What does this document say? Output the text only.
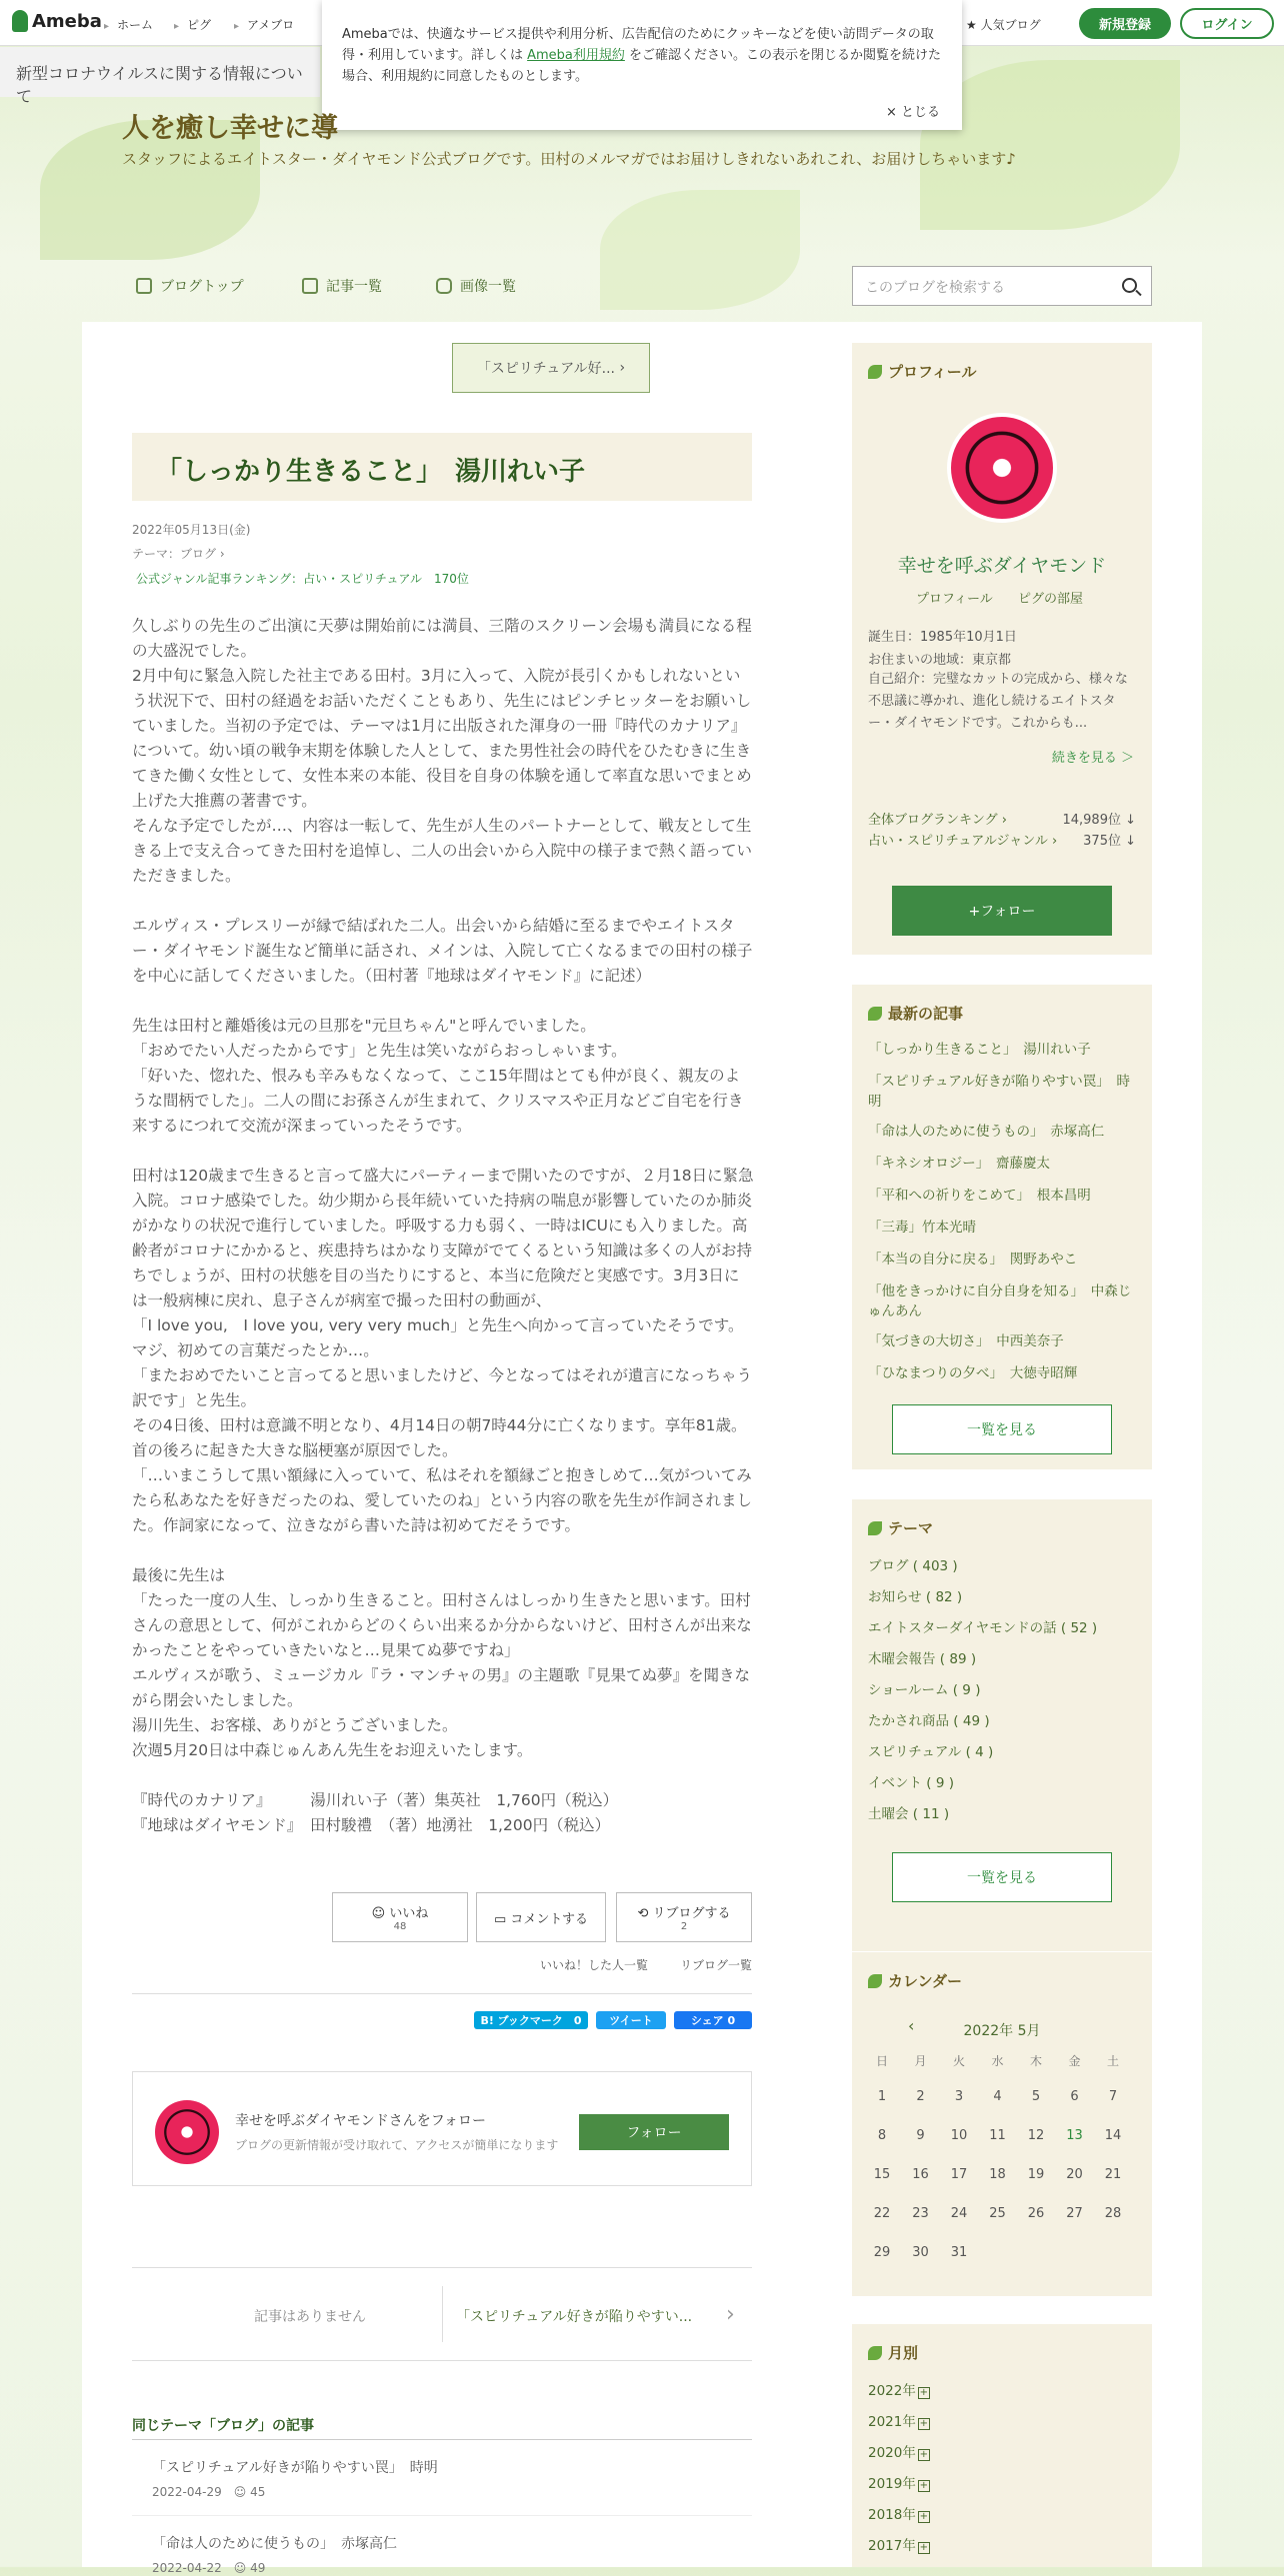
Ameba	▸ ホーム	▸ ピグ	▸ アメブロ	★ 人気ブログ	新規登録	ログイン
新型コロナウイルスに関する情報について
Amebaでは、快適なサービス提供や利用分析、広告配信のためにクッキーなどを使い訪問データの取得・利用しています。詳しくは Ameba利用規約 をご確認ください。この表示を閉じるか閲覧を続けた場合、利用規約に同意したものとします。
× とじる
人を癒し幸せに導
スタッフによるエイトスター・ダイヤモンド公式ブログです。田村のメルマガではお届けしきれないあれこれ、お届けしちゃいます♪
ブログトップ	記事一覧	画像一覧	このブログを検索する
「スピリチュアル好... ›
「しっかり生きること」　湯川れい子
2022年05月13日(金)
テーマ：ブログ ›
公式ジャンル記事ランキング：占い・スピリチュアル　170位

久しぶりの先生のご出演に天夢は開始前には満員、三階のスクリーン会場も満員になる程の大盛況でした。

2月中旬に緊急入院した社主である田村。3月に入って、入院が長引くかもしれないという状況下で、田村の経過をお話いただくこともあり、先生にはピンチヒッターをお願いしていました。当初の予定では、テーマは1月に出版された渾身の一冊『時代のカナリア』について。幼い頃の戦争末期を体験した人として、また男性社会の時代をひたむきに生きてきた働く女性として、女性本来の本能、役目を自身の体験を通して率直な思いでまとめ上げた大推薦の著書です。

そんな予定でしたが…、内容は一転して、先生が人生のパートナーとして、戦友として生きる上で支え合ってきた田村を追悼し、二人の出会いから入院中の様子まで熱く語っていただきました。

エルヴィス・プレスリーが縁で結ばれた二人。出会いから結婚に至るまでやエイトスター・ダイヤモンド誕生など簡単に話され、メインは、入院して亡くなるまでの田村の様子を中心に話してくださいました。（田村著『地球はダイヤモンド』に記述）

先生は田村と離婚後は元の旦那を"元旦ちゃん"と呼んでいました。

「おめでたい人だったからです」と先生は笑いながらおっしゃいます。

「好いた、惚れた、恨みも辛みもなくなって、ここ15年間はとても仲が良く、親友のような間柄でした」。二人の間にお孫さんが生まれて、クリスマスや正月などご自宅を行き来するにつれて交流が深まっていったそうです。

田村は120歳まで生きると言って盛大にパーティーまで開いたのですが、２月18日に緊急入院。コロナ感染でした。幼少期から長年続いていた持病の喘息が影響していたのか肺炎がかなりの状況で進行していました。呼吸する力も弱く、一時はICUにも入りました。高齢者がコロナにかかると、疾患持ちはかなり支障がでてくるという知識は多くの人がお持ちでしょうが、田村の状態を目の当たりにすると、本当に危険だと実感です。3月3日には一般病棟に戻れ、息子さんが病室で撮った田村の動画が、

「I love you,　I love you, very very much」と先生へ向かって言っていたそうです。マジ、初めての言葉だったとか…。

「またおめでたいこと言ってると思いましたけど、今となってはそれが遺言になっちゃう訳です」と先生。

その4日後、田村は意識不明となり、4月14日の朝7時44分に亡くなります。享年81歳。首の後ろに起きた大きな脳梗塞が原因でした。

「…いまこうして黒い額縁に入っていて、私はそれを額縁ごと抱きしめて…気がついてみたら私あなたを好きだったのね、愛していたのね」という内容の歌を先生が作詞されました。作詞家になって、泣きながら書いた詩は初めてだそうです。

最後に先生は

「たった一度の人生、しっかり生きること。田村さんはしっかり生きたと思います。田村さんの意思として、何がこれからどのくらい出来るか分からないけど、田村さんが出来なかったことをやっていきたいなと…見果てぬ夢ですね」

エルヴィスが歌う、ミュージカル『ラ・マンチャの男』の主題歌『見果てぬ夢』を聞きながら閉会いたしました。

湯川先生、お客様、ありがとうございました。

次週5月20日は中森じゅんあん先生をお迎えいたします。

『時代のカナリア』　　　湯川れい子（著）集英社　1,760円（税込）

『地球はダイヤモンド』　田村駿禮　（著）地湧社　1,200円（税込）

☺ いいね
48	▭ コメントする	⟲ リブログする
2
いいね！した人一覧	リブログ一覧
B! ブックマーク　0	ツイート	シェア 0
幸せを呼ぶダイヤモンドさんをフォロー
ブログの更新情報が受け取れて、アクセスが簡単になります
フォロー
記事はありません	「スピリチュアル好きが陥りやすい... ›
同じテーマ「ブログ」の記事
「スピリチュアル好きが陥りやすい罠」　時明
2022-04-29　 ☺ 45
「命は人のために使うもの」　赤塚高仁
2022-04-22　 ☺ 49
プロフィール
幸せを呼ぶダイヤモンド
プロフィール ピグの部屋
誕生日：1985年10月1日
お住まいの地域：東京都
自己紹介：完璧なカットの完成から、様々な不思議に導かれ、進化し続けるエイトスター・ダイヤモンドです。これからも...
続きを見る ＞
全体ブログランキング ›	14,989位 ↓
占い・スピリチュアルジャンル › 375位 ↓
+フォロー
最新の記事
「しっかり生きること」　湯川れい子
「スピリチュアル好きが陥りやすい罠」　時明
「命は人のために使うもの」　赤塚高仁
「キネシオロジー」　齋藤慶太
「平和への祈りをこめて」　根本昌明
「三毒」竹本光晴
「本当の自分に戻る」　関野あやこ
「他をきっかけに自分自身を知る」　中森じゅんあん
「気づきの大切さ」　中西美奈子
「ひなまつりの夕べ」　大徳寺昭輝
一覧を見る
テーマ
ブログ ( 403 )
お知らせ ( 82 )
エイトスターダイヤモンドの話 ( 52 )
木曜会報告 ( 89 )
ショールーム ( 9 )
たかされ商品 ( 49 )
スピリチュアル ( 4 )
イベント ( 9 )
土曜会 ( 11 )
一覧を見る
カレンダー
‹	2022年 5月
日	月	火	水	木	金	土
1	2	3	4	5	6	7
8	9	10	11	12	13	14
15	16	17	18	19	20	21
22	23	24	25	26	27	28
29	30	31
月別
2022年 +
2021年 +
2020年 +
2019年 +
2018年 +
2017年 +
